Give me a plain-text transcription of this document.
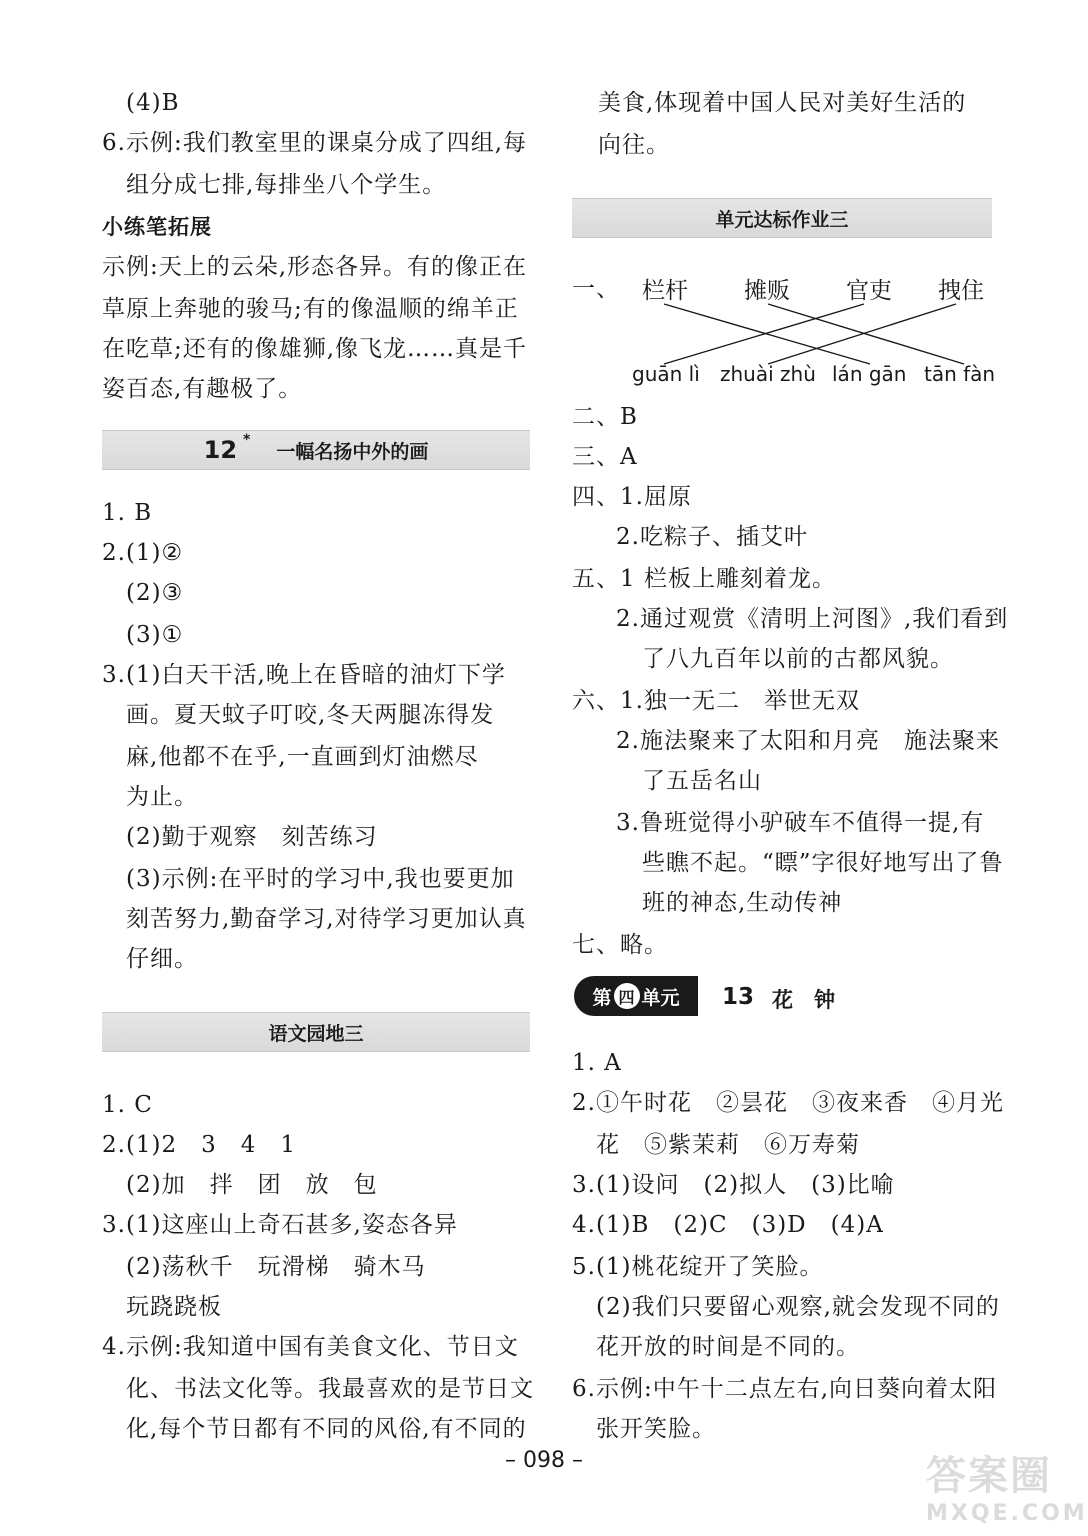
(4)B
6.示例:我们教室里的课桌分成了四组,每
组分成七排,每排坐八个学生。
小练笔拓展
示例:天上的云朵,形态各异。有的像正在
草原上奔驰的骏马;有的像温顺的绵羊正
在吃草;还有的像雄狮,像飞龙……真是千
姿百态,有趣极了。
12 *
一幅名扬中外的画
1. B
2.(1)②
(2)③
(3)①
3.(1)白天干活,晚上在昏暗的油灯下学
画。夏天蚊子叮咬,冬天两腿冻得发
麻,他都不在乎,一直画到灯油燃尽
为止。
(2)勤于观察　刻苦练习
(3)示例:在平时的学习中,我也要更加
刻苦努力,勤奋学习,对待学习更加认真
仔细。
语文园地三
1. C
2.(1)2　3　4　1
(2)加　拌　团　放　包
3.(1)这座山上奇石甚多,姿态各异
(2)荡秋千　玩滑梯　骑木马
玩跷跷板
4.示例:我知道中国有美食文化、节日文
化、书法文化等。我最喜欢的是节日文
化,每个节日都有不同的风俗,有不同的
美食,体现着中国人民对美好生活的
向往。
单元达标作业三
一、 栏杆 摊贩 官吏 拽住
guān lì zhuài zhù lán gān tān fàn
二、B
三、A
四、1.屈原
2.吃粽子、插艾叶
五、1 栏板上雕刻着龙。
2.通过观赏《清明上河图》,我们看到
了八九百年以前的古都风貌。
六、1.独一无二　举世无双
2.施法聚来了太阳和月亮　施法聚来
了五岳名山
3.鲁班觉得小驴破车不值得一提,有
些瞧不起。“瞟”字很好地写出了鲁
班的神态,生动传神
七、略。
第 四 单元 13 花　钟
1. A
2.①午时花　②昙花　③夜来香　④月光
花　⑤紫茉莉　⑥万寿菊
3.(1)设问　(2)拟人　(3)比喻
4.(1)B　(2)C　(3)D　(4)A
5.(1)桃花绽开了笑脸。
(2)我们只要留心观察,就会发现不同的
花开放的时间是不同的。
6.示例:中午十二点左右,向日葵向着太阳
张开笑脸。
– 098 –	答案圈
MXQE.COM
